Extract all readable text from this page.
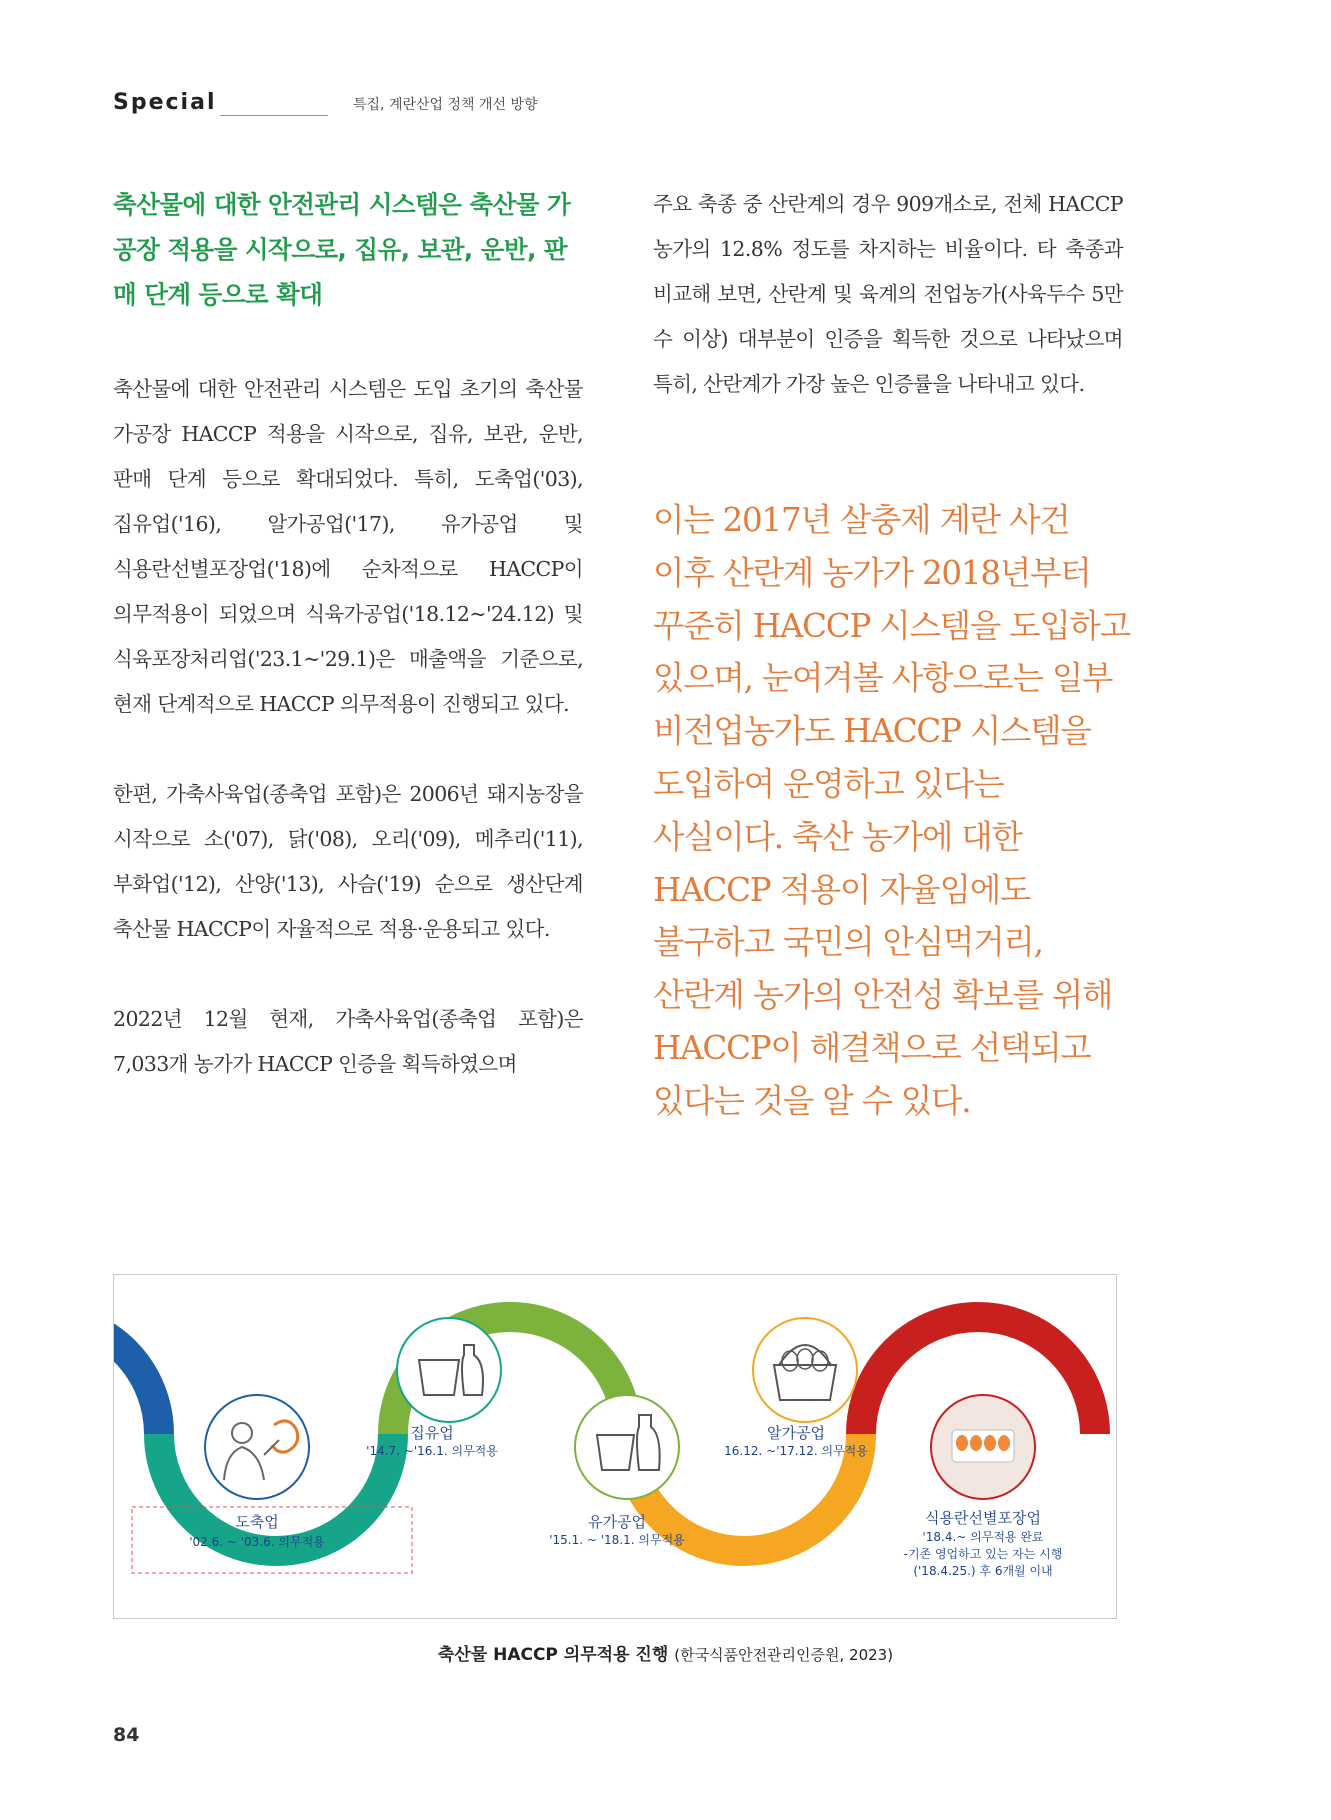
Special	특집, 계란산업 정책 개선 방향

축산물에 대한 안전관리 시스템은 축산물 가공장 적용을 시작으로, 집유, 보관, 운반, 판매 단계 등으로 확대

축산물에 대한 안전관리 시스템은 도입 초기의 축산물 가공장 HACCP 적용을 시작으로, 집유, 보관, 운반, 판매 단계 등으로 확대되었다. 특히, 도축업('03), 집유업('16), 알가공업('17), 유가공업 및 식용란선별포장업('18)에 순차적으로 HACCP이 의무적용이 되었으며 식육가공업('18.12~'24.12) 및 식육포장처리업('23.1~'29.1)은 매출액을 기준으로, 현재 단계적으로 HACCP 의무적용이 진행되고 있다.

한편, 가축사육업(종축업 포함)은 2006년 돼지농장을 시작으로 소('07), 닭('08), 오리('09), 메추리('11), 부화업('12), 산양('13), 사슴('19) 순으로 생산단계 축산물 HACCP이 자율적으로 적용·운용되고 있다.

2022년 12월 현재, 가축사육업(종축업 포함)은 7,033개 농가가 HACCP 인증을 획득하였으며

주요 축종 중 산란계의 경우 909개소로, 전체 HACCP 농가의 12.8% 정도를 차지하는 비율이다. 타 축종과 비교해 보면, 산란계 및 육계의 전업농가(사육두수 5만 수 이상) 대부분이 인증을 획득한 것으로 나타났으며 특히, 산란계가 가장 높은 인증률을 나타내고 있다.

이는 2017년 살충제 계란 사건 이후 산란계 농가가 2018년부터 꾸준히 HACCP 시스템을 도입하고 있으며, 눈여겨볼 사항으로는 일부 비전업농가도 HACCP 시스템을 도입하여 운영하고 있다는 사실이다. 축산 농가에 대한 HACCP 적용이 자율임에도 불구하고 국민의 안심먹거리, 산란계 농가의 안전성 확보를 위해 HACCP이 해결책으로 선택되고 있다는 것을 알 수 있다.
도축업
'02.6. ~ '03.6. 의무적용
집유업
'14.7. ~'16.1. 의무적용
유가공업
'15.1. ~ '18.1. 의무적용
알가공업
16.12. ~'17.12. 의무적용
식용란선별포장업
'18.4.~ 의무적용 완료
-기존 영업하고 있는 자는 시행
('18.4.25.) 후 6개월 이내
축산물 HACCP 의무적용 진행 (한국식품안전관리인증원, 2023)
84
